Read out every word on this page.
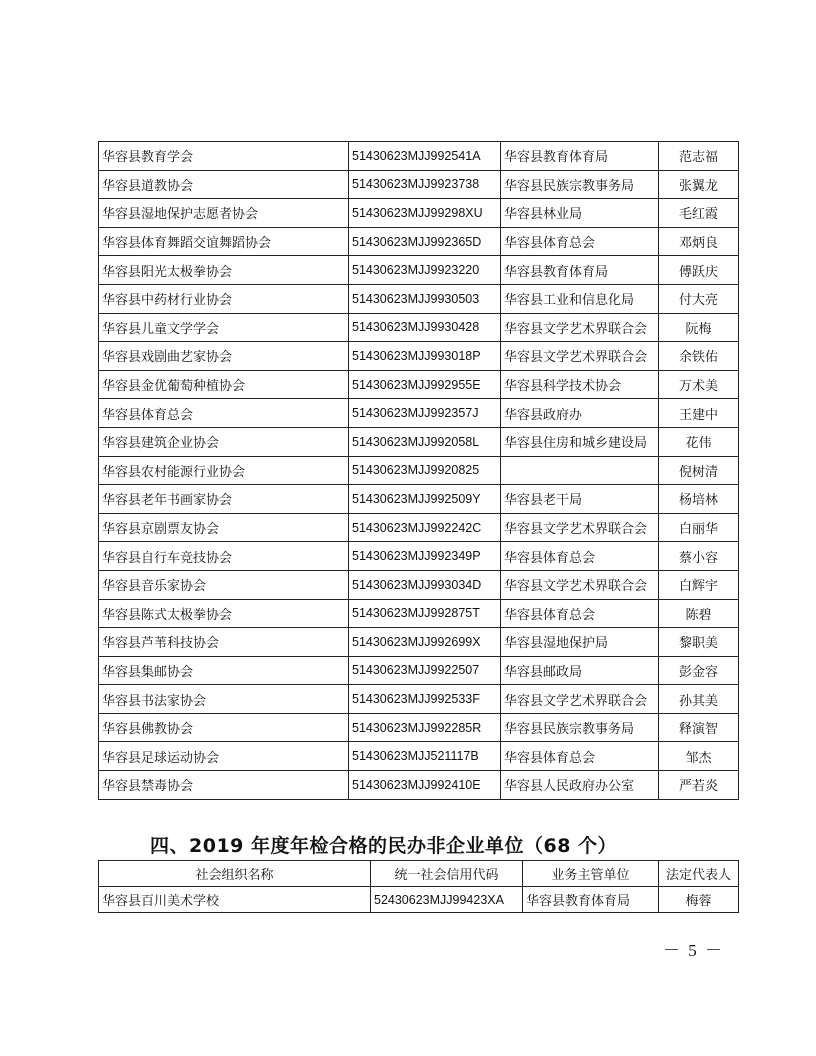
华容县教育学会	51430623MJJ992541A	华容县教育体育局	范志福
华容县道教协会	51430623MJJ9923738	华容县民族宗教事务局	张翼龙
华容县湿地保护志愿者协会	51430623MJJ99298XU	华容县林业局	毛红霞
华容县体育舞蹈交谊舞蹈协会	51430623MJJ992365D	华容县体育总会	邓炳良
华容县阳光太极拳协会	51430623MJJ9923220	华容县教育体育局	傅跃庆
华容县中药材行业协会	51430623MJJ9930503	华容县工业和信息化局	付大亮
华容县儿童文学学会	51430623MJJ9930428	华容县文学艺术界联合会	阮梅
华容县戏剧曲艺家协会	51430623MJJ993018P	华容县文学艺术界联合会	余铁佑
华容县金优葡萄种植协会	51430623MJJ992955E	华容县科学技术协会	万术美
华容县体育总会	51430623MJJ992357J	华容县政府办	王建中
华容县建筑企业协会	51430623MJJ992058L	华容县住房和城乡建设局	花伟
华容县农村能源行业协会	51430623MJJ9920825		倪树清
华容县老年书画家协会	51430623MJJ992509Y	华容县老干局	杨培林
华容县京剧票友协会	51430623MJJ992242C	华容县文学艺术界联合会	白丽华
华容县自行车竞技协会	51430623MJJ992349P	华容县体育总会	蔡小容
华容县音乐家协会	51430623MJJ993034D	华容县文学艺术界联合会	白辉宇
华容县陈式太极拳协会	51430623MJJ992875T	华容县体育总会	陈碧
华容县芦苇科技协会	51430623MJJ992699X	华容县湿地保护局	黎职美
华容县集邮协会	51430623MJJ9922507	华容县邮政局	彭金容
华容县书法家协会	51430623MJJ992533F	华容县文学艺术界联合会	孙其美
华容县佛教协会	51430623MJJ992285R	华容县民族宗教事务局	释演智
华容县足球运动协会	51430623MJJ521117B	华容县体育总会	邹杰
华容县禁毒协会	51430623MJJ992410E	华容县人民政府办公室	严若炎
四、2019 年度年检合格的民办非企业单位（68 个）
社会组织名称	统一社会信用代码	业务主管单位	法定代表人
华容县百川美术学校	52430623MJJ99423XA	华容县教育体育局	梅蓉
－ 5 －
